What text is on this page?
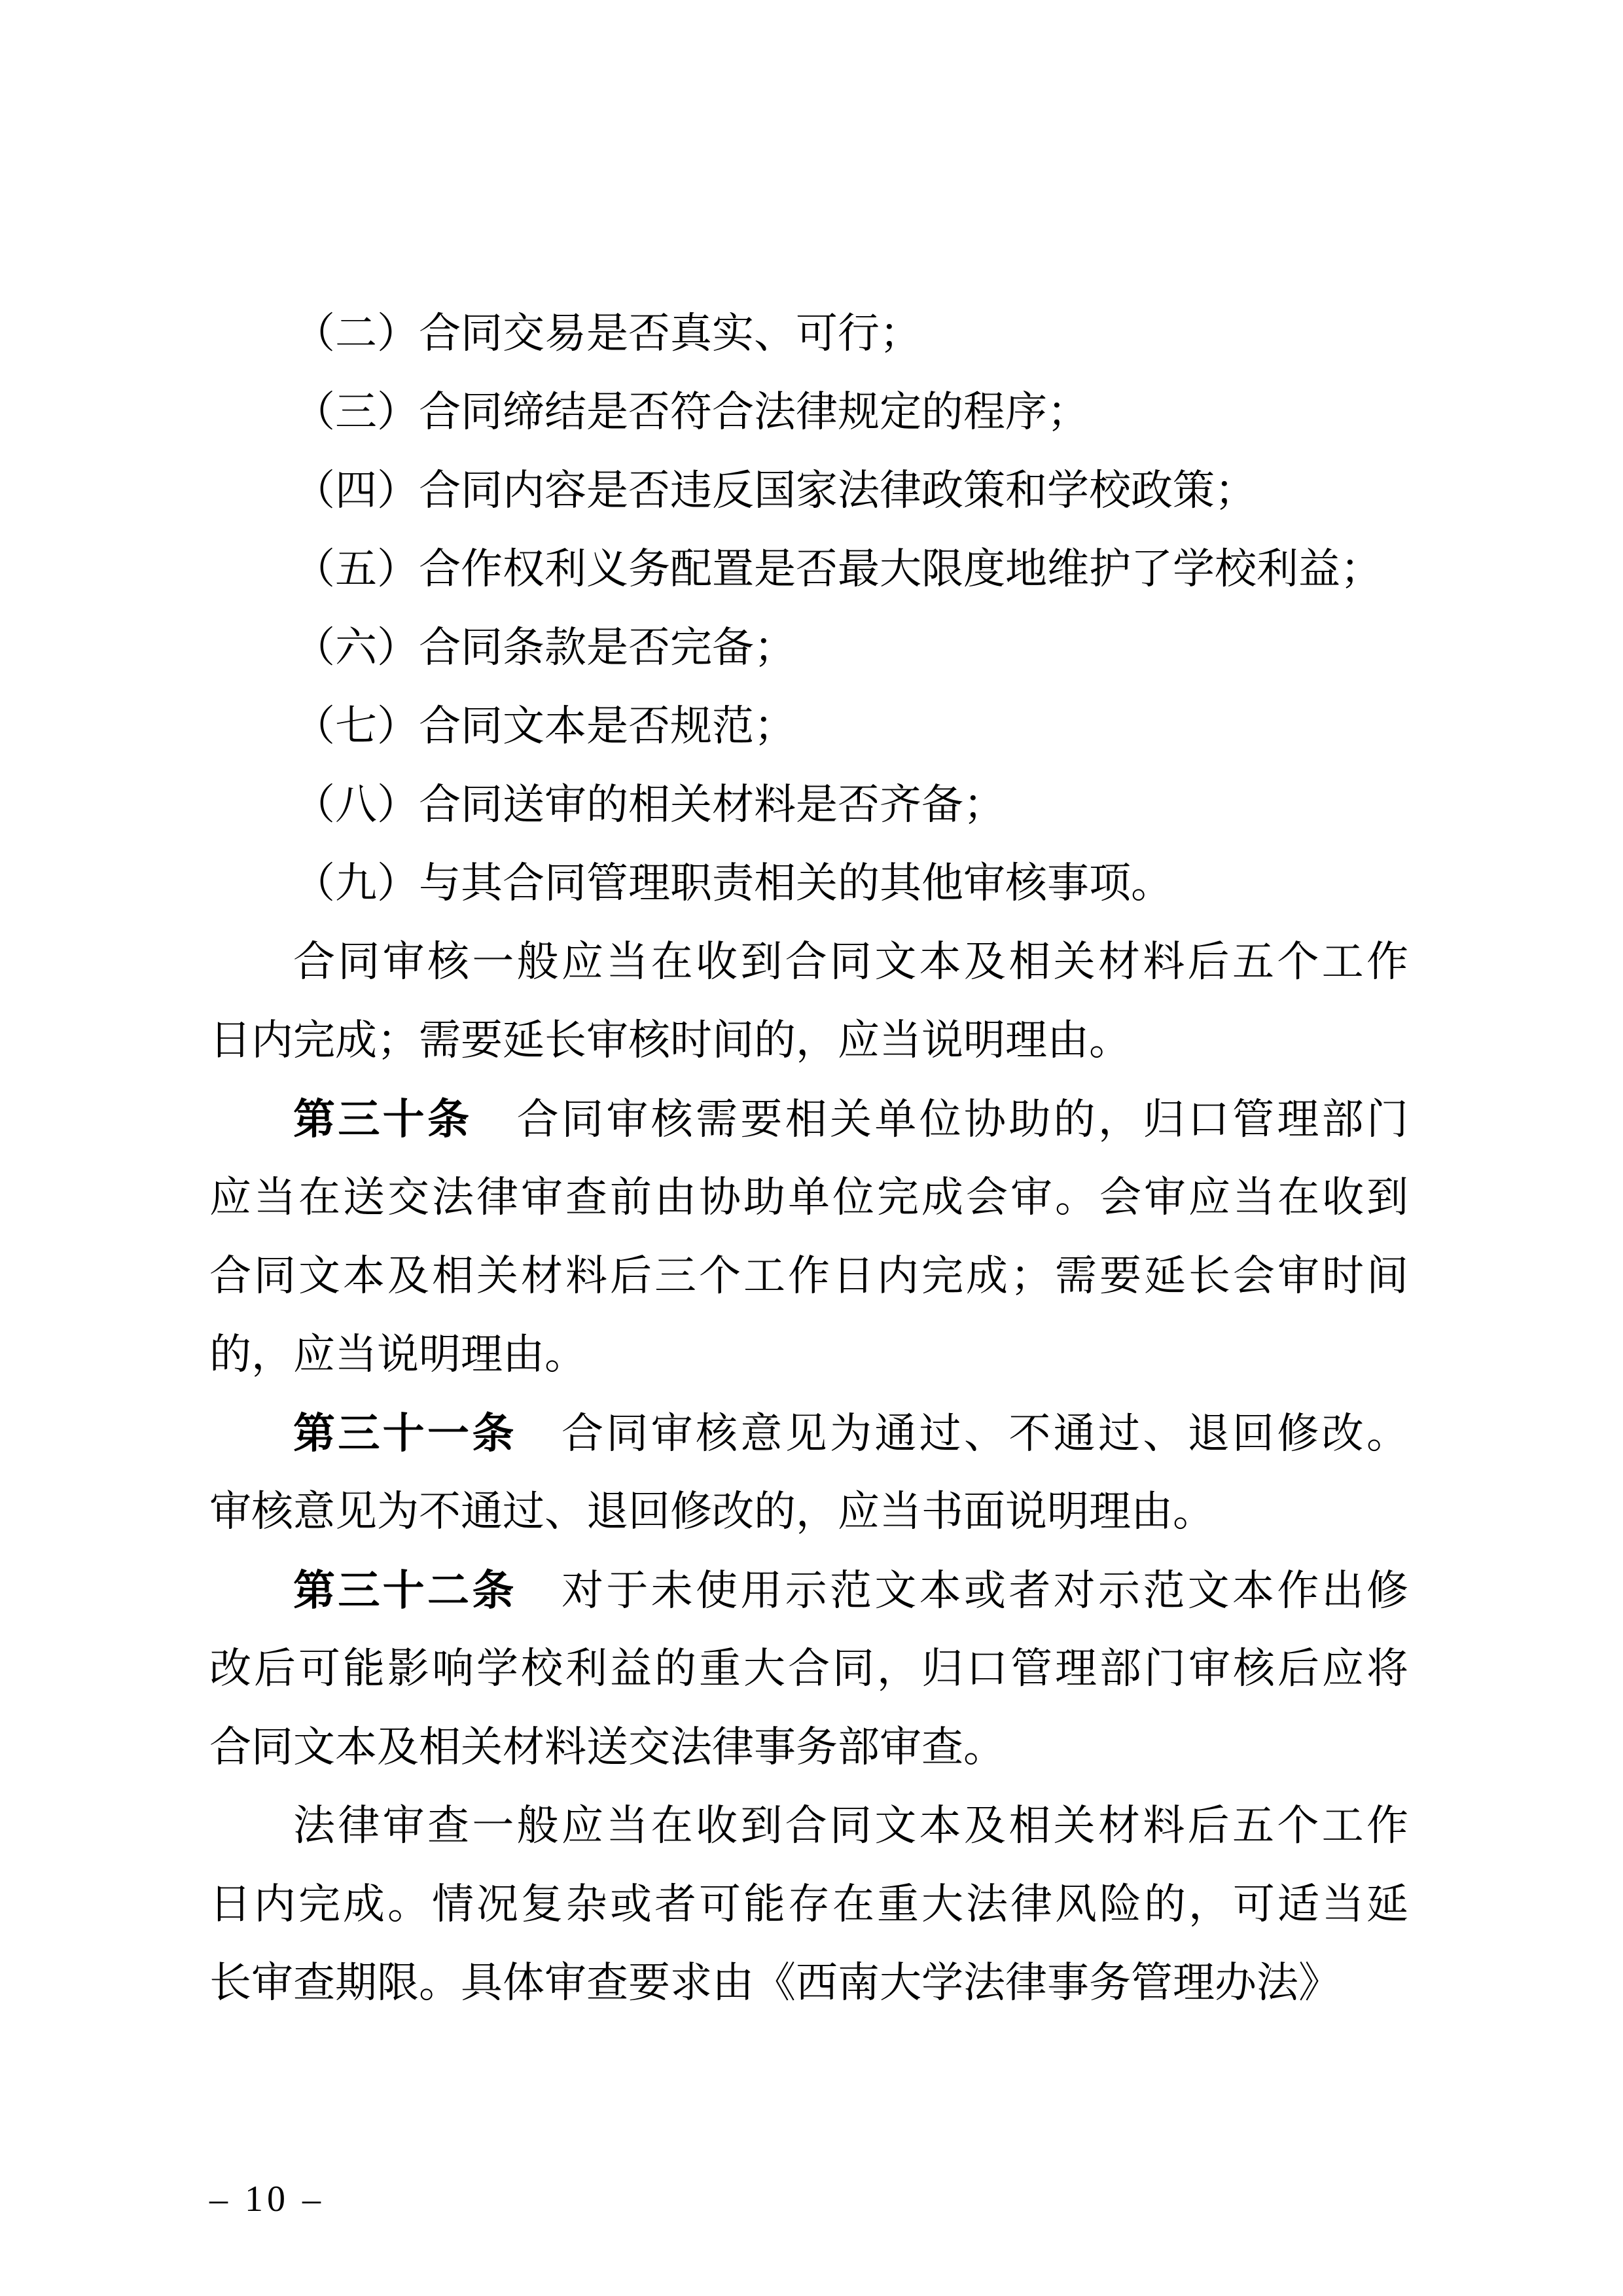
（二）合同交易是否真实、可行；
（三）合同缔结是否符合法律规定的程序；
（四）合同内容是否违反国家法律政策和学校政策；
（五）合作权利义务配置是否最大限度地维护了学校利益；
（六）合同条款是否完备；
（七）合同文本是否规范；
（八）合同送审的相关材料是否齐备；
（九）与其合同管理职责相关的其他审核事项。
合同审核一般应当在收到合同文本及相关材料后五个工作
日内完成；需要延长审核时间的，应当说明理由。
第三十条　合同审核需要相关单位协助的，归口管理部门
应当在送交法律审查前由协助单位完成会审。会审应当在收到
合同文本及相关材料后三个工作日内完成；需要延长会审时间
的，应当说明理由。
第三十一条　合同审核意见为通过、不通过、退回修改。
审核意见为不通过、退回修改的，应当书面说明理由。
第三十二条　对于未使用示范文本或者对示范文本作出修
改后可能影响学校利益的重大合同，归口管理部门审核后应将
合同文本及相关材料送交法律事务部审查。
法律审查一般应当在收到合同文本及相关材料后五个工作
日内完成。情况复杂或者可能存在重大法律风险的，可适当延
长审查期限。具体审查要求由《西南大学法律事务管理办法》
– 10 –
